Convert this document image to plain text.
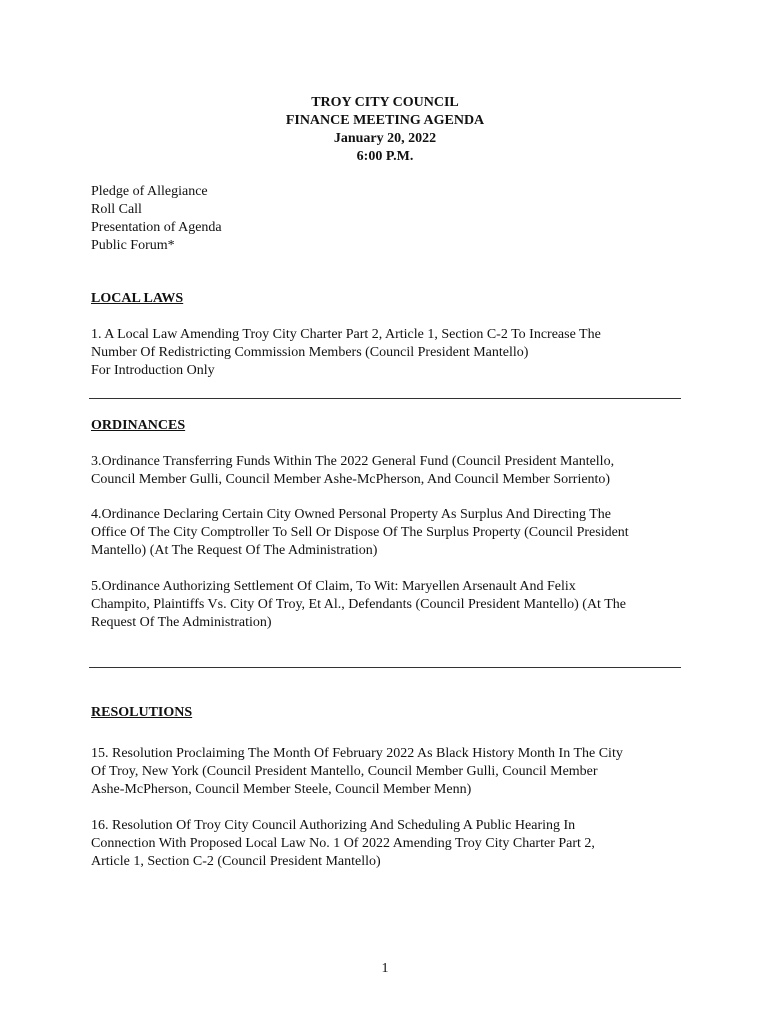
TROY CITY COUNCIL
FINANCE MEETING AGENDA
January 20, 2022
6:00 P.M.
Pledge of Allegiance
Roll Call
Presentation of Agenda
Public Forum*
LOCAL LAWS
1. A Local Law Amending Troy City Charter Part 2, Article 1, Section C-2 To Increase The
Number Of Redistricting Commission Members (Council President Mantello)
For Introduction Only
ORDINANCES
3.Ordinance Transferring Funds Within The 2022 General Fund (Council President Mantello,
Council Member Gulli, Council Member Ashe-McPherson, And Council Member Sorriento)
4.Ordinance Declaring Certain City Owned Personal Property As Surplus And Directing The
Office Of The City Comptroller To Sell Or Dispose Of The Surplus Property (Council President
Mantello) (At The Request Of The Administration)
5.Ordinance Authorizing Settlement Of Claim, To Wit: Maryellen Arsenault And Felix
Champito, Plaintiffs Vs. City Of Troy, Et Al., Defendants (Council President Mantello) (At The
Request Of The Administration)
RESOLUTIONS
15. Resolution Proclaiming The Month Of February 2022 As Black History Month In The City
Of Troy, New York (Council President Mantello, Council Member Gulli, Council Member
Ashe-McPherson, Council Member Steele, Council Member Menn)
16. Resolution Of Troy City Council Authorizing And Scheduling A Public Hearing In
Connection With Proposed Local Law No. 1 Of 2022 Amending Troy City Charter Part 2,
Article 1, Section C-2 (Council President Mantello)
1
